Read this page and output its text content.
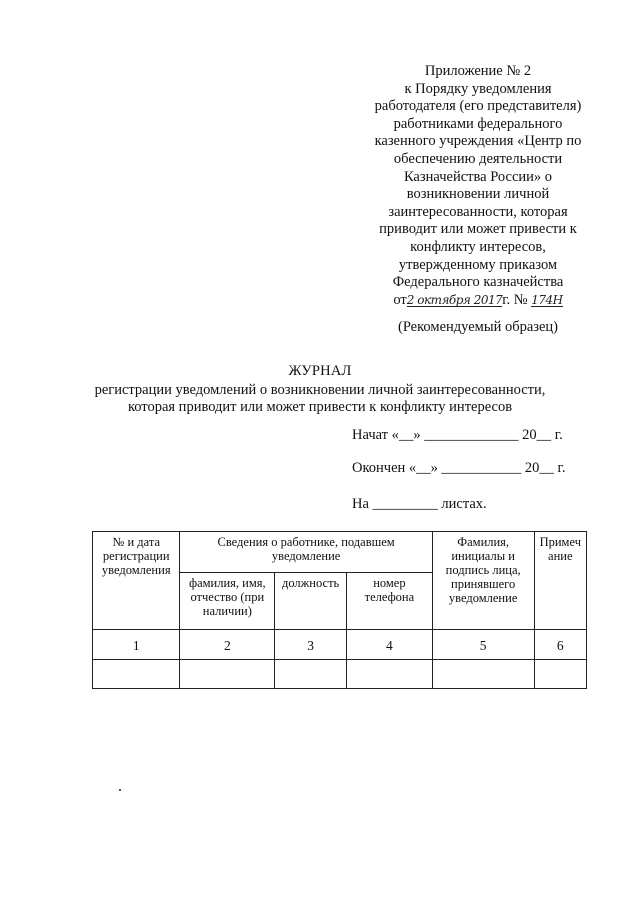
Приложение № 2
к Порядку уведомления
работодателя (его представителя)
работниками федерального
казенного учреждения «Центр по
обеспечению деятельности
Казначейства России» о
возникновении личной
заинтересованности, которая
приводит или может привести к
конфликту интересов,
утвержденному приказом
Федерального казначейства
от2 октября 2017г. № 174Н
(Рекомендуемый образец)
ЖУРНАЛ
регистрации уведомлений о возникновении личной заинтересованности,
которая приводит или может привести к конфликту интересов
Начат «__» _____________ 20__ г.
Окончен «__» ___________ 20__ г.
На _________ листах.
№ и дата регистрации уведомления	Сведения о работнике, подавшем уведомление			Фамилия, инициалы и подпись лица, принявшего уведомление	Примеч ание
	фамилия, имя, отчество (при наличии)	должность	номер телефона		
1	2	3	4	5	6
